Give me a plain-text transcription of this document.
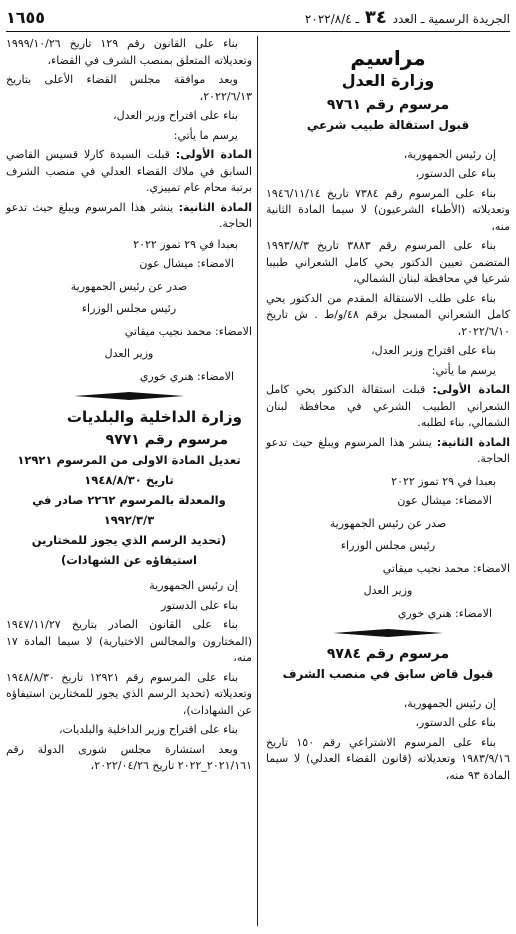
الجريدة الرسمية ـ العدد ٣٤ ـ ٢٠٢٢/٨/٤
١٦٥٥
مراسيم
وزارة العدل
مرسوم رقم ٩٧٦١
قبول استقالة طبيب شرعي

إن رئيس الجمهورية،

بناء على الدستور،

بناء على المرسوم رقم ٧٣٨٤ تاريخ ١٩٤٦/١١/١٤ وتعديلاته (الأطباء الشرعيون) لا سيما المادة الثانية منه،

بناء على المرسوم رقم ٣٨٨٣ تاريخ ١٩٩٣/٨/٣ المتضمن تعيين الدكتور يحي كامل الشعراني طبيبا شرعيا في محافظة لبنان الشمالي،

بناء على طلب الاستقالة المقدم من الدكتور يحي كامل الشعراني المسجل برقم ٤٨/و/ط . ش تاريخ ٢٠٢٢/٦/١٠،

بناء على اقتراح وزير العدل،

يرسم ما يأتي:

المادة الأولى: قبلت استقالة الدكتور يحي كامل الشعراني الطبيب الشرعي في محافظة لبنان الشمالي، بناء لطلبه.

المادة الثانية: ينشر هذا المرسوم ويبلغ حيث تدعو الحاجة.

بعبدا في ٢٩ تموز ٢٠٢٢

الامضاء: ميشال عون

صدر عن رئيس الجمهورية

رئيس مجلس الوزراء

الامضاء: محمد نجيب ميقاتي

وزير العدل

الامضاء: هنري خوري

مرسوم رقم ٩٧٨٤
قبول قاض سابق في منصب الشرف

إن رئيس الجمهورية،

بناء على الدستور،

بناء على المرسوم الاشتراعي رقم ١٥٠ تاريخ ١٩٨٣/٩/١٦ وتعديلاته (قانون القضاء العدلي) لا سيما المادة ٩٣ منه،

بناء على القانون رقم ١٢٩ تاريخ ١٩٩٩/١٠/٢٦ وتعديلاته المتعلق بمنصب الشرف في القضاء،

وبعد موافقة مجلس القضاء الأعلى بتاريخ ٢٠٢٢/٦/١٣،

بناء على اقتراح وزير العدل،

يرسم ما يأتي:

المادة الأولى: قبلت السيدة كارلا قسيس القاضي السابق في ملاك القضاء العدلي في منصب الشرف برتبة محام عام تمييزي.

المادة الثانية: ينشر هذا المرسوم ويبلغ حيث تدعو الحاجة.

بعبدا في ٢٩ تموز ٢٠٢٢

الامضاء: ميشال عون

صدر عن رئيس الجمهورية

رئيس مجلس الوزراء

الامضاء: محمد نجيب ميقاتي

وزير العدل

الامضاء: هنري خوري

وزارة الداخلية والبلديات
مرسوم رقم ٩٧٧١
تعديل المادة الاولى من المرسوم ١٢٩٢١
تاريخ ١٩٤٨/٨/٣٠
والمعدلة بالمرسوم ٢٢٦٢ صادر في ١٩٩٢/٣/٣
(تحديد الرسم الذي يجوز للمختارين استيفاؤه عن الشهادات)

إن رئيس الجمهورية

بناء على الدستور

بناء على القانون الصادر بتاريخ ١٩٤٧/١١/٢٧ (المختارون والمجالس الاختيارية) لا سيما المادة ١٧ منه،

بناء على المرسوم رقم ١٢٩٢١ تاريخ ١٩٤٨/٨/٣٠ وتعديلاته (تحديد الرسم الذي يجوز للمختارين استيفاؤه عن الشهادات)،

بناء على اقتراح وزير الداخلية والبلديات،

وبعد استشارة مجلس شورى الدولة رقم ٢٠٢١/١٦١_٢٠٢٢ تاريخ ٢٠٢٢/٠٤/٢٦،
